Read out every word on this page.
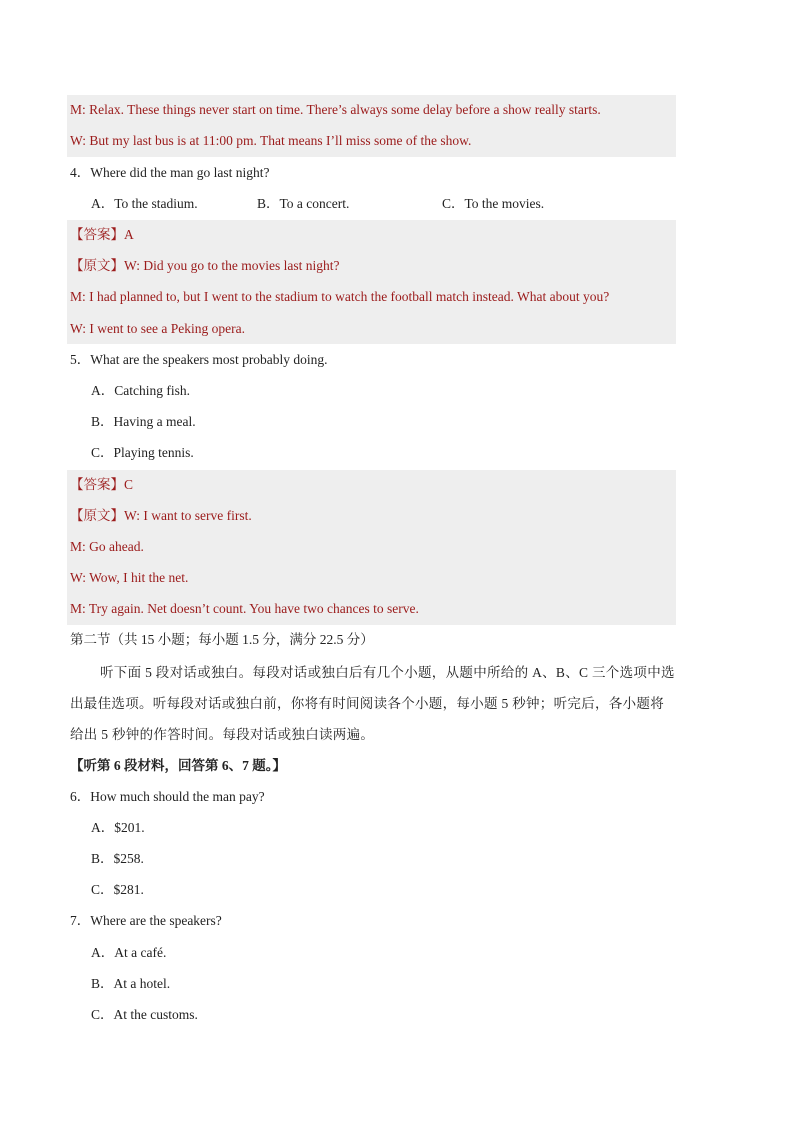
M: Relax. These things never start on time. There’s always some delay before a show really starts.
W: But my last bus is at 11:00 pm. That means I’ll miss some of the show.
4．Where did the man go last night?
A．To the stadium.	B．To a concert.	C．To the movies.
【答案】A
【原文】W: Did you go to the movies last night?
M: I had planned to, but I went to the stadium to watch the football match instead. What about you?
W: I went to see a Peking opera.
5．What are the speakers most probably doing.
A．Catching fish.
B．Having a meal.
C．Playing tennis.
【答案】C
【原文】W: I want to serve first.
M: Go ahead.
W: Wow, I hit the net.
M: Try again. Net doesn’t count. You have two chances to serve.
第二节（共 15 小题；每小题 1.5 分，满分 22.5 分）
听下面 5 段对话或独白。每段对话或独白后有几个小题，从题中所给的 A、B、C 三个选项中选出最佳选项。听每段对话或独白前，你将有时间阅读各个小题，每小题 5 秒钟；听完后，各小题将给出 5 秒钟的作答时间。每段对话或独白读两遍。
【听第 6 段材料，回答第 6、7 题。】
6．How much should the man pay?
A．$201.
B．$258.
C．$281.
7．Where are the speakers?
A．At a café.
B．At a hotel.
C．At the customs.
